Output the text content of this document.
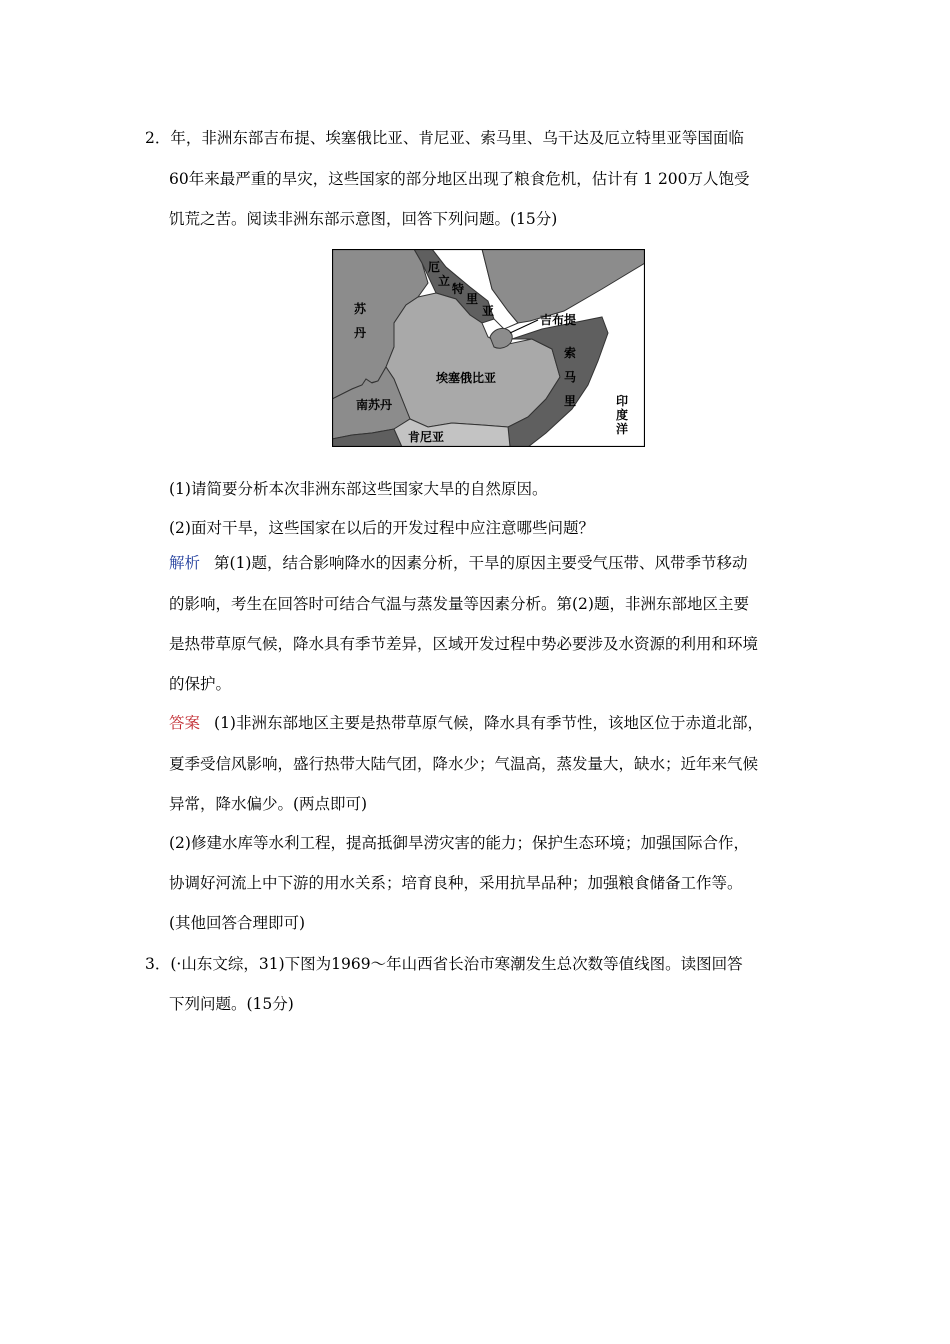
2．年，非洲东部吉布提、埃塞俄比亚、肯尼亚、索马里、乌干达及厄立特里亚等国面临
60年来最严重的旱灾，这些国家的部分地区出现了粮食危机，估计有 1 200万人饱受
饥荒之苦。阅读非洲东部示意图，回答下列问题。(15分)
厄
立
特
里
亚
苏
丹
吉布提
索
马
里
埃塞俄比亚
南苏丹
肯尼亚
印
度
洋
(1)请简要分析本次非洲东部这些国家大旱的自然原因。
(2)面对干旱，这些国家在以后的开发过程中应注意哪些问题？
解析 第(1)题，结合影响降水的因素分析，干旱的原因主要受气压带、风带季节移动
的影响，考生在回答时可结合气温与蒸发量等因素分析。第(2)题，非洲东部地区主要
是热带草原气候，降水具有季节差异，区域开发过程中势必要涉及水资源的利用和环境
的保护。
答案 (1)非洲东部地区主要是热带草原气候，降水具有季节性，该地区位于赤道北部，
夏季受信风影响，盛行热带大陆气团，降水少；气温高，蒸发量大，缺水；近年来气候
异常，降水偏少。(两点即可)
(2)修建水库等水利工程，提高抵御旱涝灾害的能力；保护生态环境；加强国际合作，
协调好河流上中下游的用水关系；培育良种，采用抗旱品种；加强粮食储备工作等。
(其他回答合理即可)
3．(·山东文综，31)下图为1969～年山西省长治市寒潮发生总次数等值线图。读图回答
下列问题。(15分)
